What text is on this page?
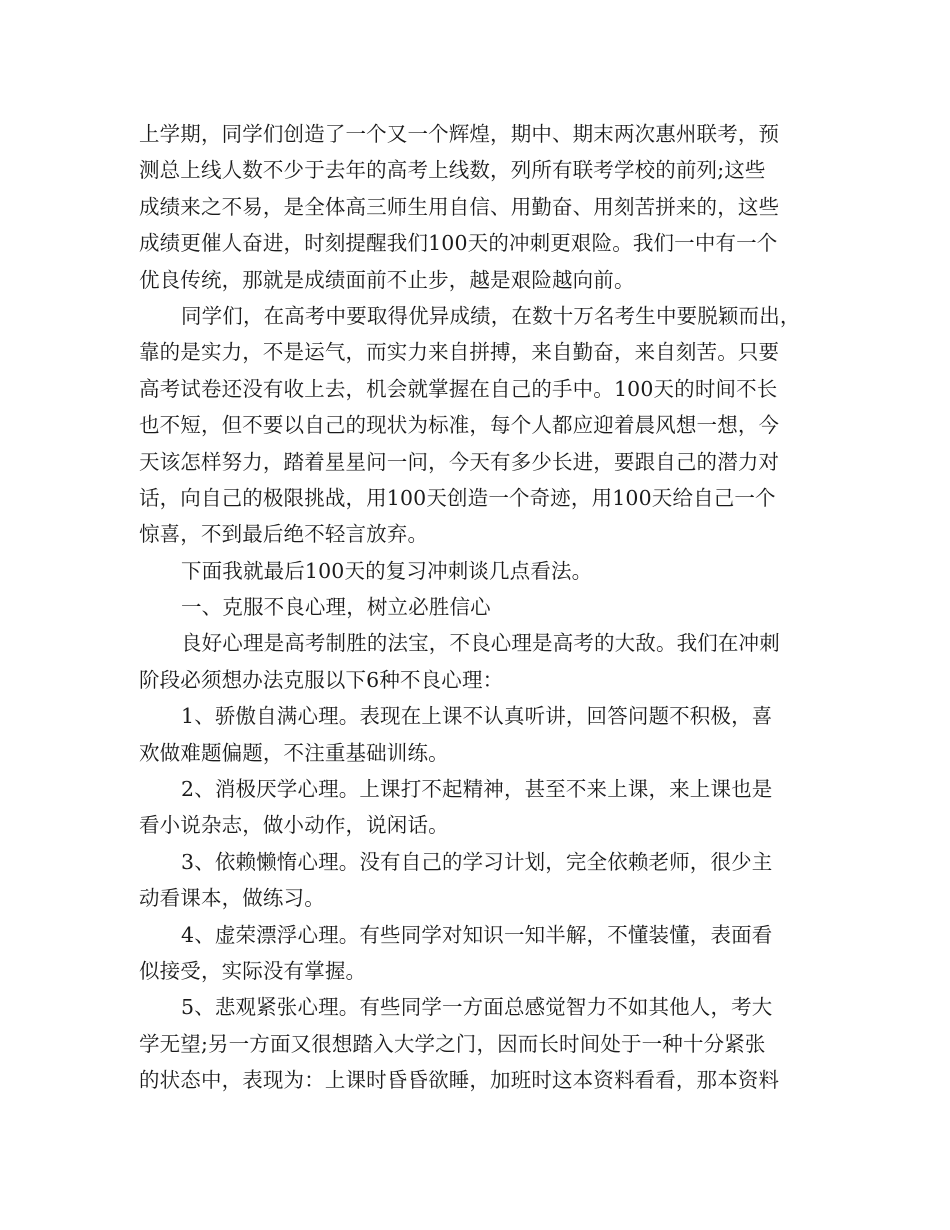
上学期，同学们创造了一个又一个辉煌，期中、期末两次惠州联考，预
测总上线人数不少于去年的高考上线数，列所有联考学校的前列;这些
成绩来之不易，是全体高三师生用自信、用勤奋、用刻苦拼来的，这些
成绩更催人奋进，时刻提醒我们100天的冲刺更艰险。我们一中有一个
优良传统，那就是成绩面前不止步，越是艰险越向前。
同学们，在高考中要取得优异成绩，在数十万名考生中要脱颖而出，
靠的是实力，不是运气，而实力来自拼搏，来自勤奋，来自刻苦。只要
高考试卷还没有收上去，机会就掌握在自己的手中。100天的时间不长
也不短，但不要以自己的现状为标准，每个人都应迎着晨风想一想，今
天该怎样努力，踏着星星问一问，今天有多少长进，要跟自己的潜力对
话，向自己的极限挑战，用100天创造一个奇迹，用100天给自己一个
惊喜，不到最后绝不轻言放弃。
下面我就最后100天的复习冲刺谈几点看法。
一、克服不良心理，树立必胜信心
良好心理是高考制胜的法宝，不良心理是高考的大敌。我们在冲刺
阶段必须想办法克服以下6种不良心理：
1、骄傲自满心理。表现在上课不认真听讲，回答问题不积极，喜
欢做难题偏题，不注重基础训练。
2、消极厌学心理。上课打不起精神，甚至不来上课，来上课也是
看小说杂志，做小动作，说闲话。
3、依赖懒惰心理。没有自己的学习计划，完全依赖老师，很少主
动看课本，做练习。
4、虚荣漂浮心理。有些同学对知识一知半解，不懂装懂，表面看
似接受，实际没有掌握。
5、悲观紧张心理。有些同学一方面总感觉智力不如其他人，考大
学无望;另一方面又很想踏入大学之门，因而长时间处于一种十分紧张
的状态中，表现为：上课时昏昏欲睡，加班时这本资料看看，那本资料
